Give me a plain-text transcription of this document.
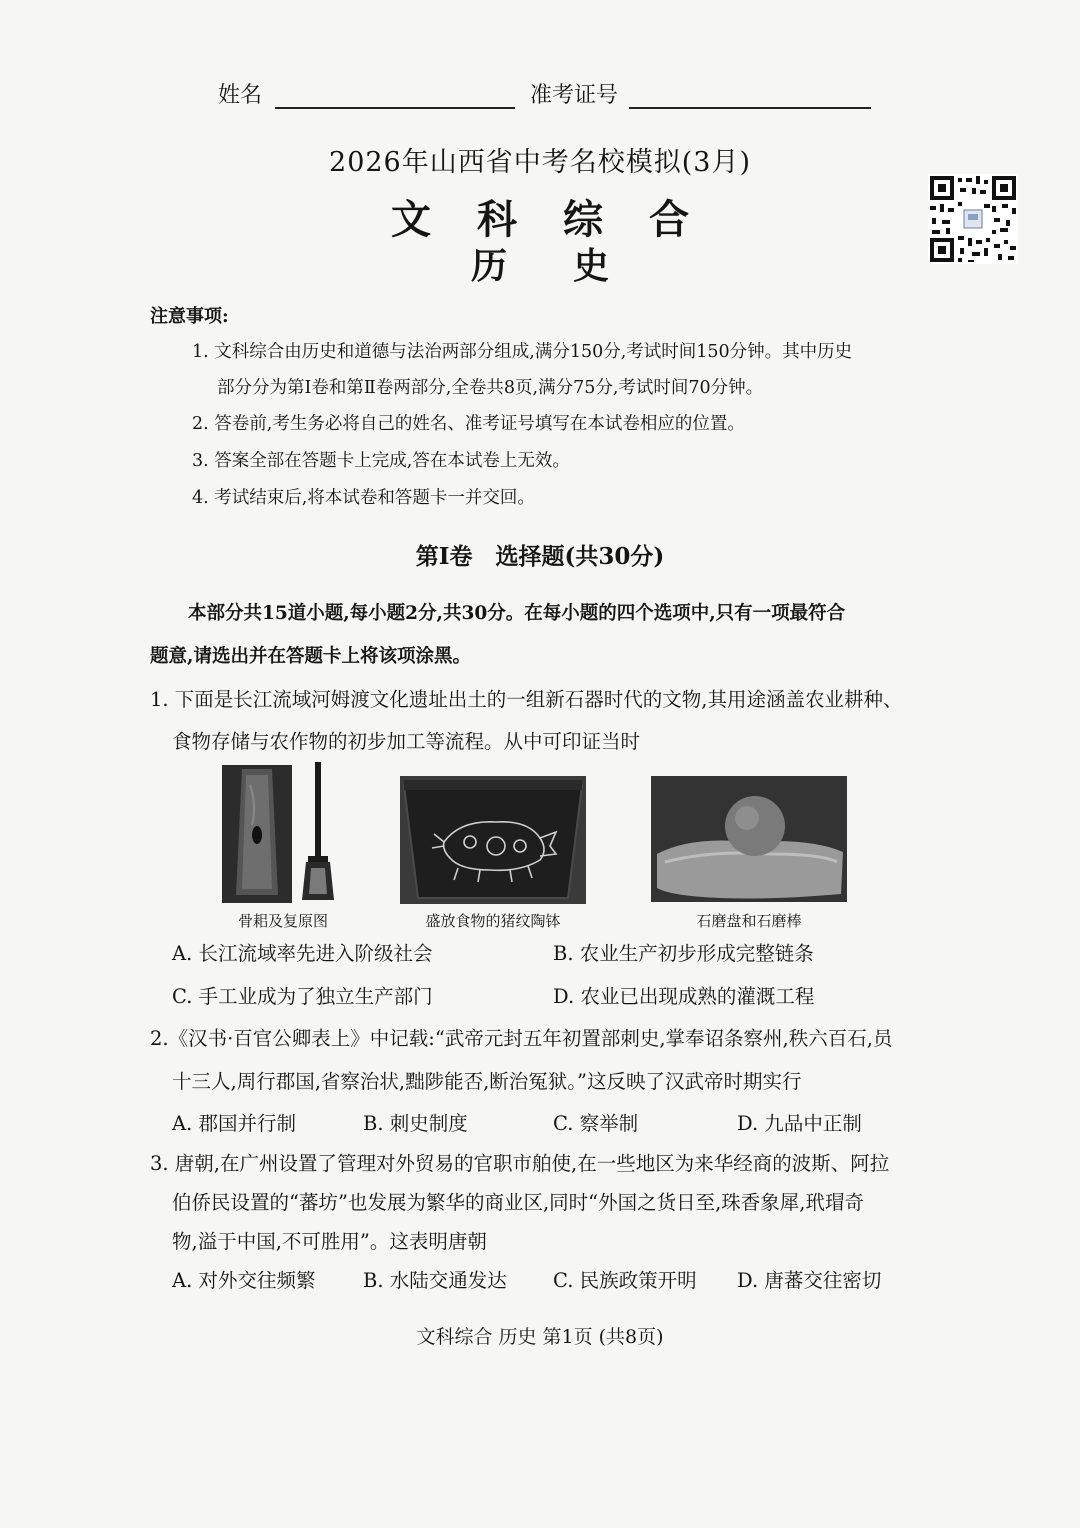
姓名	准考证号
2026年山西省中考名校模拟(3月)
文科综合
历史
注意事项:
1. 文科综合由历史和道德与法治两部分组成,满分150分,考试时间150分钟。其中历史
部分分为第Ⅰ卷和第Ⅱ卷两部分,全卷共8页,满分75分,考试时间70分钟。
2. 答卷前,考生务必将自己的姓名、准考证号填写在本试卷相应的位置。
3. 答案全部在答题卡上完成,答在本试卷上无效。
4. 考试结束后,将本试卷和答题卡一并交回。
第Ⅰ卷　选择题(共30分)
本部分共15道小题,每小题2分,共30分。在每小题的四个选项中,只有一项最符合
题意,请选出并在答题卡上将该项涂黑。
1. 下面是长江流域河姆渡文化遗址出土的一组新石器时代的文物,其用途涵盖农业耕种、
食物存储与农作物的初步加工等流程。从中可印证当时
骨耜及复原图	盛放食物的猪纹陶钵	石磨盘和石磨棒
A. 长江流域率先进入阶级社会	B. 农业生产初步形成完整链条
C. 手工业成为了独立生产部门	D. 农业已出现成熟的灌溉工程
2.《汉书·百官公卿表上》中记载:“武帝元封五年初置部刺史,掌奉诏条察州,秩六百石,员
十三人,周行郡国,省察治状,黜陟能否,断治冤狱。”这反映了汉武帝时期实行
A. 郡国并行制	B. 刺史制度	C. 察举制	D. 九品中正制
3. 唐朝,在广州设置了管理对外贸易的官职市舶使,在一些地区为来华经商的波斯、阿拉
伯侨民设置的“蕃坊”也发展为繁华的商业区,同时“外国之货日至,珠香象犀,玳瑁奇
物,溢于中国,不可胜用”。这表明唐朝
A. 对外交往频繁 B. 水陆交通发达 C. 民族政策开明 D. 唐蕃交往密切
文科综合 历史 第1页 (共8页)
